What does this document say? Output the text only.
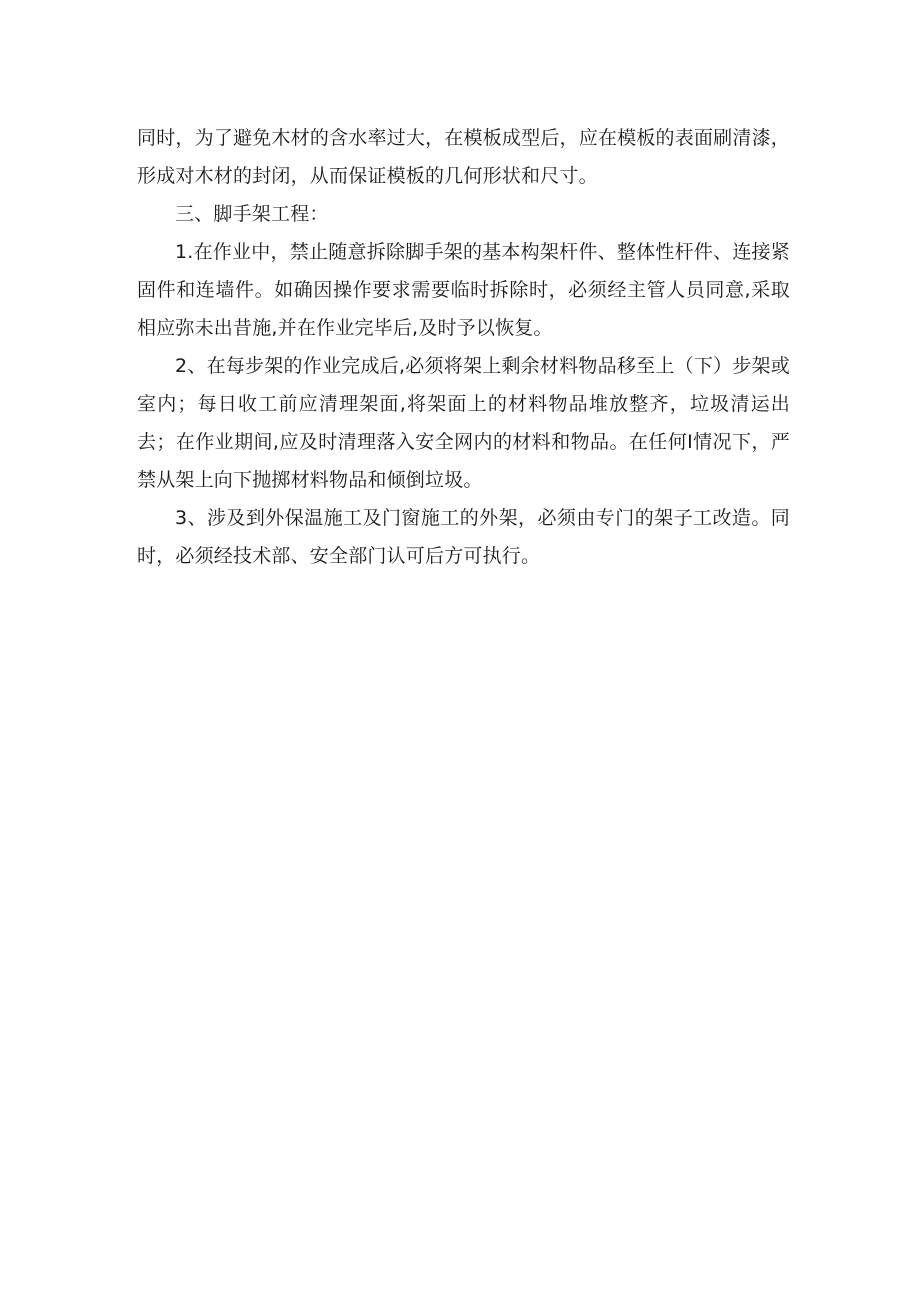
同时，为了避免木材的含水率过大，在模板成型后，应在模板的表面刷清漆，形成对木材的封闭，从而保证模板的几何形状和尺寸。

三、脚手架工程：

1.在作业中，禁止随意拆除脚手架的基本构架杆件、整体性杆件、连接紧固件和连墙件。如确因操作要求需要临时拆除时，必须经主管人员同意,采取相应弥未出昔施,并在作业完毕后,及时予以恢复。

2、在每步架的作业完成后,必须将架上剩余材料物品移至上（下）步架或室内；每日收工前应清理架面,将架面上的材料物品堆放整齐，垃圾清运出去；在作业期间,应及时清理落入安全网内的材料和物品。在任何Ⅰ情况下，严禁从架上向下抛掷材料物品和倾倒垃圾。

3、涉及到外保温施工及门窗施工的外架，必须由专门的架子工改造。同时，必须经技术部、安全部门认可后方可执行。
